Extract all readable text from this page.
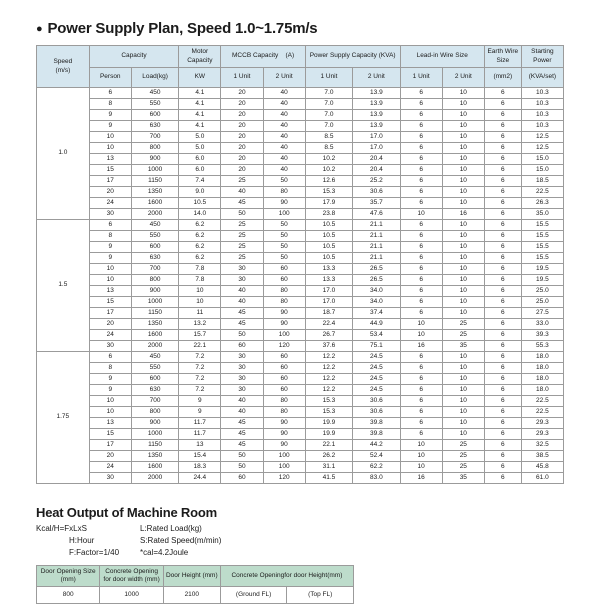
● Power Supply Plan, Speed 1.0~1.75m/s
Speed
(m/s)	Capacity		Motor Capacity	MCCB Capacity    (A)		Power Supply Capacity (KVA)		Lead-in Wire Size		Earth Wire Size	Starting Power
	Person	Load(kg)	KW	1 Unit	2 Unit	1 Unit	2 Unit	1 Unit	2 Unit	(mm2)	(KVA/set)
1.0	6	450	4.1	20	40	7.0	13.9	6	10	6	10.3
	8	550	4.1	20	40	7.0	13.9	6	10	6	10.3
	9	600	4.1	20	40	7.0	13.9	6	10	6	10.3
	9	630	4.1	20	40	7.0	13.9	6	10	6	10.3
	10	700	5.0	20	40	8.5	17.0	6	10	6	12.5
	10	800	5.0	20	40	8.5	17.0	6	10	6	12.5
	13	900	6.0	20	40	10.2	20.4	6	10	6	15.0
	15	1000	6.0	20	40	10.2	20.4	6	10	6	15.0
	17	1150	7.4	25	50	12.6	25.2	6	10	6	18.5
	20	1350	9.0	40	80	15.3	30.6	6	10	6	22.5
	24	1600	10.5	45	90	17.9	35.7	6	10	6	26.3
	30	2000	14.0	50	100	23.8	47.6	10	16	6	35.0
1.5	6	450	6.2	25	50	10.5	21.1	6	10	6	15.5
	8	550	6.2	25	50	10.5	21.1	6	10	6	15.5
	9	600	6.2	25	50	10.5	21.1	6	10	6	15.5
	9	630	6.2	25	50	10.5	21.1	6	10	6	15.5
	10	700	7.8	30	60	13.3	26.5	6	10	6	19.5
	10	800	7.8	30	60	13.3	26.5	6	10	6	19.5
	13	900	10	40	80	17.0	34.0	6	10	6	25.0
	15	1000	10	40	80	17.0	34.0	6	10	6	25.0
	17	1150	11	45	90	18.7	37.4	6	10	6	27.5
	20	1350	13.2	45	90	22.4	44.9	10	25	6	33.0
	24	1600	15.7	50	100	26.7	53.4	10	25	6	39.3
	30	2000	22.1	60	120	37.6	75.1	16	35	6	55.3
1.75	6	450	7.2	30	60	12.2	24.5	6	10	6	18.0
	8	550	7.2	30	60	12.2	24.5	6	10	6	18.0
	9	600	7.2	30	60	12.2	24.5	6	10	6	18.0
	9	630	7.2	30	60	12.2	24.5	6	10	6	18.0
	10	700	9	40	80	15.3	30.6	6	10	6	22.5
	10	800	9	40	80	15.3	30.6	6	10	6	22.5
	13	900	11.7	45	90	19.9	39.8	6	10	6	29.3
	15	1000	11.7	45	90	19.9	39.8	6	10	6	29.3
	17	1150	13	45	90	22.1	44.2	10	25	6	32.5
	20	1350	15.4	50	100	26.2	52.4	10	25	6	38.5
	24	1600	18.3	50	100	31.1	62.2	10	25	6	45.8
	30	2000	24.4	60	120	41.5	83.0	16	35	6	61.0
Heat Output of Machine Room
Kcal/H=FxLxS	L:Rated Load(kg)
H:Hour	S:Rated Speed(m/min)
F:Factor=1/40	*cal=4.2Joule
Door Opening Size (mm)	Concrete Opening for door width (mm)	Door Height (mm)	Concrete Openingfor door Height(mm)	
800	1000	2100	(Ground FL)	(Top FL)
